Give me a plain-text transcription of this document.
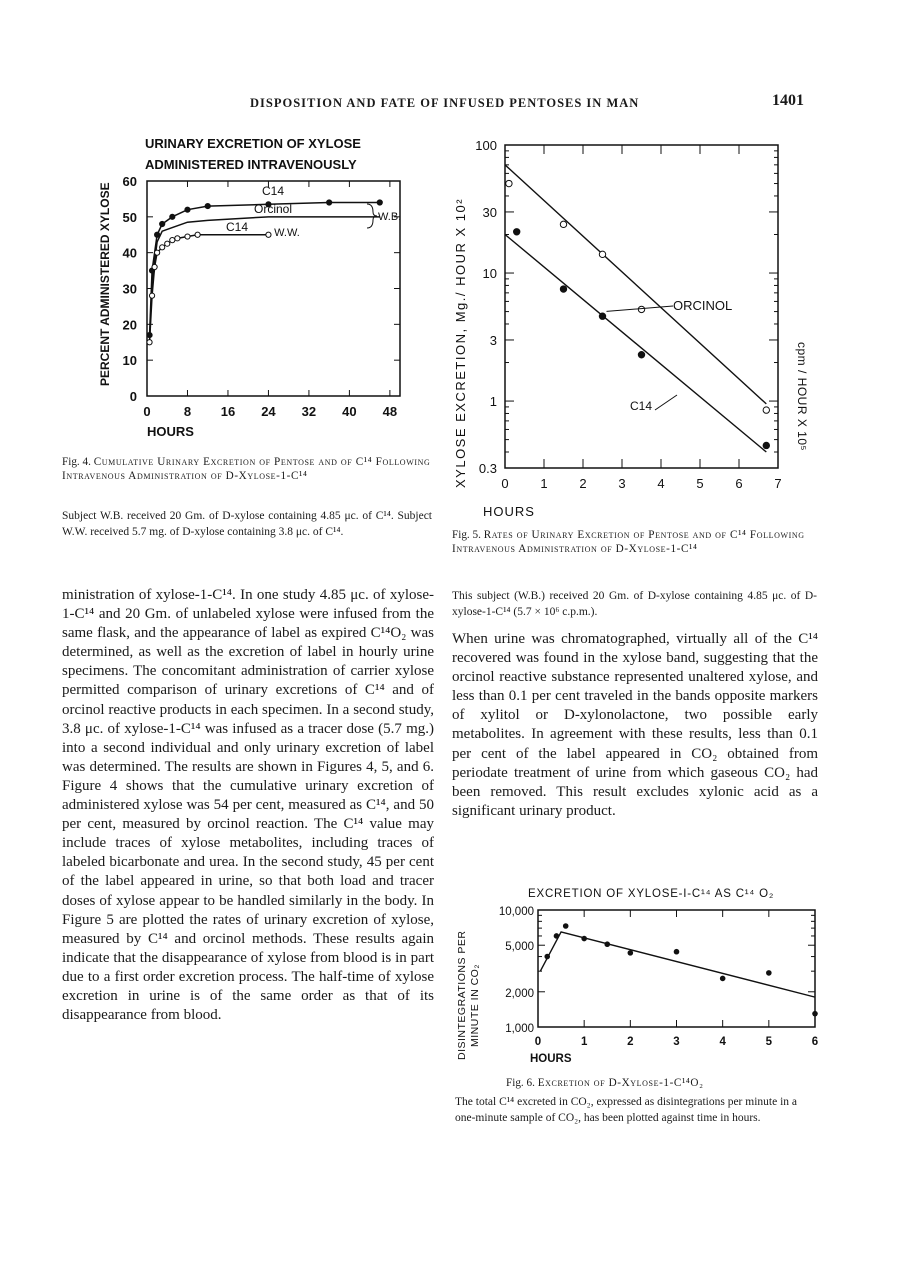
DISPOSITION AND FATE OF INFUSED PENTOSES IN MAN	1401
URINARY EXCRETION OF XYLOSE
ADMINISTERED INTRAVENOUSLY
PERCENT ADMINISTERED XYLOSE
0
10
20
30
40
50
60
0	8 16 24 32 40 48
C14
Orcinol
W.B.
C14 W.W.
HOURS
Fig. 4. Cumulative Urinary Excretion of Pentose and of C¹⁴ Following Intravenous Administration of D-Xylose-1-C¹⁴
Subject W.B. received 20 Gm. of D-xylose containing 4.85 μc. of C¹⁴. Subject W.W. received 5.7 mg. of D-xylose containing 3.8 μc. of C¹⁴.
ministration of xylose-1-C¹⁴. In one study 4.85 μc. of xylose-1-C¹⁴ and 20 Gm. of unlabeled xylose were infused from the same flask, and the appearance of label as expired C¹⁴O₂ was determined, as well as the excretion of label in hourly urine specimens. The concomitant administration of carrier xylose permitted comparison of urinary excretions of C¹⁴ and of orcinol reactive products in each specimen. In a second study, 3.8 μc. of xylose-1-C¹⁴ was infused as a tracer dose (5.7 mg.) into a second individual and only urinary excretion of label was determined. The results are shown in Figures 4, 5, and 6. Figure 4 shows that the cumulative urinary excretion of administered xylose was 54 per cent, measured as C¹⁴, and 50 per cent, measured by orcinol reaction. The C¹⁴ value may include traces of xylose metabolites, including traces of labeled bicarbonate and urea. In the second study, 45 per cent of the label appeared in urine, so that both load and tracer doses of xylose appear to be handled similarly in the body. In Figure 5 are plotted the rates of urinary excretion of xylose, measured by C¹⁴ and orcinol methods. These results again indicate that the disappearance of xylose from blood is in part due to a first order excretion process. The half-time of xylose excretion in urine is of the same order as that of its disappearance from blood.
XYLOSE EXCRETION, Mg./ HOUR X 10²	cpm / HOUR X 10⁵
0.3
1
3
10
30
100
0 1 2 3 4 5 6 7
ORCINOL
C14
HOURS
Fig. 5. Rates of Urinary Excretion of Pentose and of C¹⁴ Following Intravenous Administration of D-Xylose-1-C¹⁴
This subject (W.B.) received 20 Gm. of D-xylose containing 4.85 μc. of D-xylose-1-C¹⁴ (5.7 × 10⁶ c.p.m.).
When urine was chromatographed, virtually all of the C¹⁴ recovered was found in the xylose band, suggesting that the orcinol reactive substance represented unaltered xylose, and less than 0.1 per cent traveled in the bands opposite markers of xylitol or D-xylonolactone, two possible early metabolites. In agreement with these results, less than 0.1 per cent of the label appeared in CO₂ obtained from periodate treatment of urine from which gaseous CO₂ had been removed. This result excludes xylonic acid as a significant urinary product.
EXCRETION OF XYLOSE-I-C¹⁴ AS C¹⁴ O₂
DISINTEGRATIONS PER MINUTE IN CO₂ 1,000
2,000
5,000
10,000
0	1	2	3	4	5	6
HOURS
Fig. 6. Excretion of D-Xylose-1-C¹⁴O₂
The total C¹⁴ excreted in CO₂, expressed as disintegrations per minute in a one-minute sample of CO₂, has been plotted against time in hours.
